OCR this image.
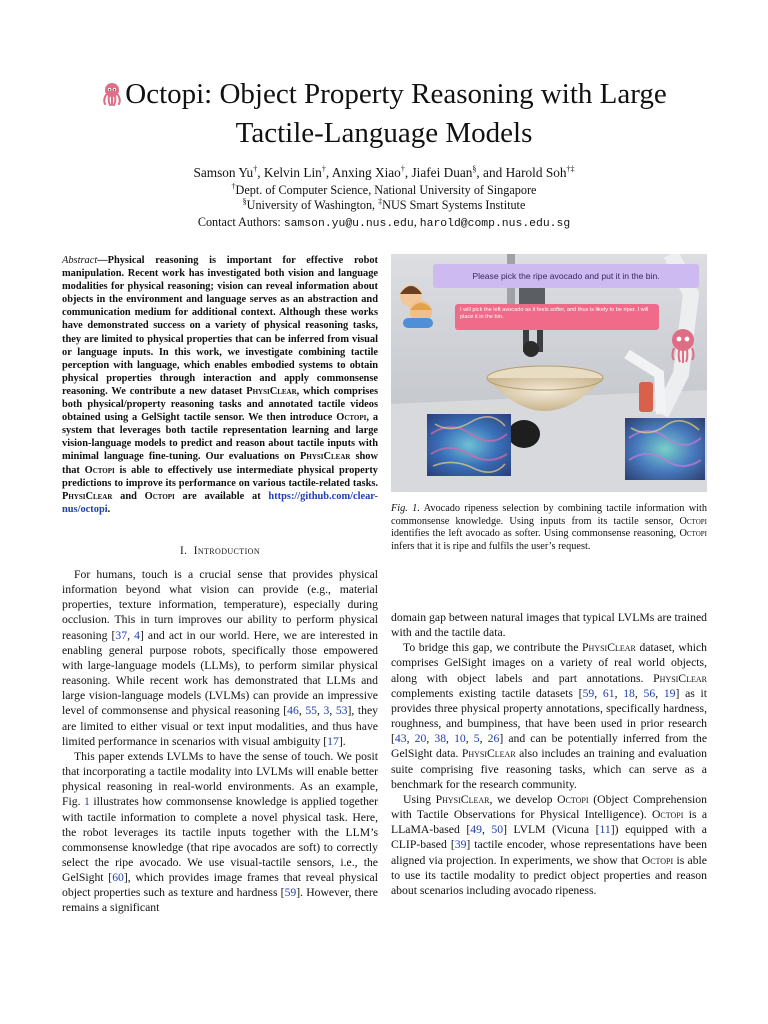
Octopi: Object Property Reasoning with Large
Tactile-Language Models
Samson Yu†, Kelvin Lin†, Anxing Xiao†, Jiafei Duan§, and Harold Soh†‡
†Dept. of Computer Science, National University of Singapore
§University of Washington, ‡NUS Smart Systems Institute
Contact Authors: samson.yu@u.nus.edu, harold@comp.nus.edu.sg
Abstract—Physical reasoning is important for effective robot manipulation. Recent work has investigated both vision and language modalities for physical reasoning; vision can reveal information about objects in the environment and language serves as an abstraction and communication medium for additional context. Although these works have demonstrated success on a variety of physical reasoning tasks, they are limited to physical properties that can be inferred from visual or language inputs. In this work, we investigate combining tactile perception with language, which enables embodied systems to obtain physical properties through interaction and apply commonsense reasoning. We contribute a new dataset PhysiClear, which comprises both physical/property reasoning tasks and annotated tactile videos obtained using a GelSight tactile sensor. We then introduce Octopi, a system that leverages both tactile representation learning and large vision-language models to predict and reason about tactile inputs with minimal language fine-tuning. Our evaluations on PhysiClear show that Octopi is able to effectively use intermediate physical property predictions to improve its performance on various tactile-related tasks. PhysiClear and Octopi are available at https://github.com/clear-nus/octopi.
I. Introduction

For humans, touch is a crucial sense that provides physical information beyond what vision can provide (e.g., material properties, texture information, temperature), especially during occlusion. This in turn improves our ability to perform physical reasoning [37, 4] and act in our world. Here, we are interested in enabling general purpose robots, specifically those empowered with large-language models (LLMs), to perform similar physical reasoning. While recent work has demonstrated that LLMs and large vision-language models (LVLMs) can provide an impressive level of commonsense and physical reasoning [46, 55, 3, 53], they are limited to either visual or text input modalities, and thus have limited performance in scenarios with visual ambiguity [17].

This paper extends LVLMs to have the sense of touch. We posit that incorporating a tactile modality into LVLMs will enable better physical reasoning in real-world environments. As an example, Fig. 1 illustrates how commonsense knowledge is applied together with tactile information to complete a novel physical task. Here, the robot leverages its tactile inputs together with the LLM’s commonsense knowledge (that ripe avocados are soft) to correctly select the ripe avocado. We use visual-tactile sensors, i.e., the GelSight [60], which provides image frames that reveal physical object properties such as texture and hardness [59]. However, there remains a significant

Please pick the ripe avocado and put it in the bin.
I will pick the left avocado as it feels softer, and thus is likely to be riper. I will place it in the bin.
Fig. 1. Avocado ripeness selection by combining tactile information with commonsense knowledge. Using inputs from its tactile sensor, Octopi identifies the left avocado as softer. Using commonsense reasoning, Octopi infers that it is ripe and fulfils the user’s request.

domain gap between natural images that typical LVLMs are trained with and the tactile data.

To bridge this gap, we contribute the PhysiClear dataset, which comprises GelSight images on a variety of real world objects, along with object labels and part annotations. PhysiClear complements existing tactile datasets [59, 61, 18, 56, 19] as it provides three physical property annotations, specifically hardness, roughness, and bumpiness, that have been used in prior research [43, 20, 38, 10, 5, 26] and can be potentially inferred from the GelSight data. PhysiClear also includes an training and evaluation suite comprising five reasoning tasks, which can serve as a benchmark for the research community.

Using PhysiClear, we develop Octopi (Object Comprehension with Tactile Observations for Physical Intelligence). Octopi is a LLaMA-based [49, 50] LVLM (Vicuna [11]) equipped with a CLIP-based [39] tactile encoder, whose representations have been aligned via projection. In experiments, we show that Octopi is able to use its tactile modality to predict object properties and reason about scenarios including avocado ripeness.
